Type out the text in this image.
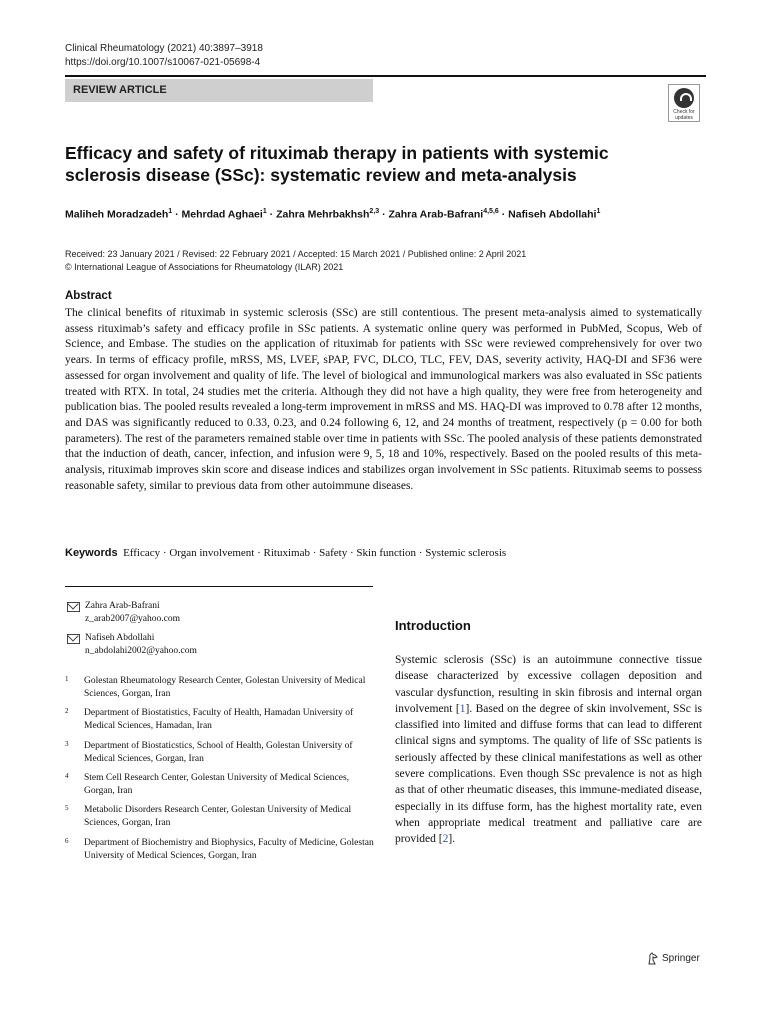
Clinical Rheumatology (2021) 40:3897–3918
https://doi.org/10.1007/s10067-021-05698-4
REVIEW ARTICLE
Check for updates
Efficacy and safety of rituximab therapy in patients with systemic sclerosis disease (SSc): systematic review and meta-analysis
Maliheh Moradzadeh$^1$ · Mehrdad Aghaei$^1$ · Zahra Mehrbakhsh$^{2,3}$ · Zahra Arab-Bafrani$^{4,5,6}$ · Nafiseh Abdollahi$^1$
Received: 23 January 2021 / Revised: 22 February 2021 / Accepted: 15 March 2021 / Published online: 2 April 2021
© International League of Associations for Rheumatology (ILAR) 2021
Abstract

The clinical benefits of rituximab in systemic sclerosis (SSc) are still contentious. The present meta-analysis aimed to systematically assess rituximab’s safety and efficacy profile in SSc patients. A systematic online query was performed in PubMed, Scopus, Web of Science, and Embase. The studies on the application of rituximab for patients with SSc were reviewed comprehensively for over two years. In terms of efficacy profile, mRSS, MS, LVEF, sPAP, FVC, DLCO, TLC, FEV, DAS, severity activity, HAQ-DI and SF36 were assessed for organ involvement and quality of life. The level of biological and immunological markers was also evaluated in SSc patients treated with RTX. In total, 24 studies met the criteria. Although they did not have a high quality, they were free from heterogeneity and publication bias. The pooled results revealed a long-term improvement in mRSS and MS. HAQ-DI was improved to 0.78 after 12 months, and DAS was significantly reduced to 0.33, 0.23, and 0.24 following 6, 12, and 24 months of treatment, respectively (p = 0.00 for both parameters). The rest of the parameters remained stable over time in patients with SSc. The pooled analysis of these patients demonstrated that the induction of death, cancer, infection, and infusion were 9, 5, 18 and 10%, respectively. Based on the pooled results of this meta-analysis, rituximab improves skin score and disease indices and stabilizes organ involvement in SSc patients. Rituximab seems to possess reasonable safety, similar to previous data from other autoimmune diseases.

Keywords Efficacy · Organ involvement · Rituximab · Safety · Skin function · Systemic sclerosis
Zahra Arab-Bafrani
z_arab2007@yahoo.com
Nafiseh Abdollahi
n_abdolahi2002@yahoo.com
1 Golestan Rheumatology Research Center, Golestan University of Medical Sciences, Gorgan, Iran
2 Department of Biostatistics, Faculty of Health, Hamadan University of Medical Sciences, Hamadan, Iran
3 Department of Biostaticstics, School of Health, Golestan University of Medical Sciences, Gorgan, Iran
4 Stem Cell Research Center, Golestan University of Medical Sciences, Gorgan, Iran
5 Metabolic Disorders Research Center, Golestan University of Medical Sciences, Gorgan, Iran
6 Department of Biochemistry and Biophysics, Faculty of Medicine, Golestan University of Medical Sciences, Gorgan, Iran
Introduction

Systemic sclerosis (SSc) is an autoimmune connective tissue disease characterized by excessive collagen deposition and vascular dysfunction, resulting in skin fibrosis and internal organ involvement [1]. Based on the degree of skin involvement, SSc is classified into limited and diffuse forms that can lead to different clinical signs and symptoms. The quality of life of SSc patients is seriously affected by these clinical manifestations as well as other severe complications. Even though SSc prevalence is not as high as that of other rheumatic diseases, this immune-mediated disease, especially in its diffuse form, has the highest mortality rate, even when appropriate medical treatment and palliative care are provided [2].

Springer
